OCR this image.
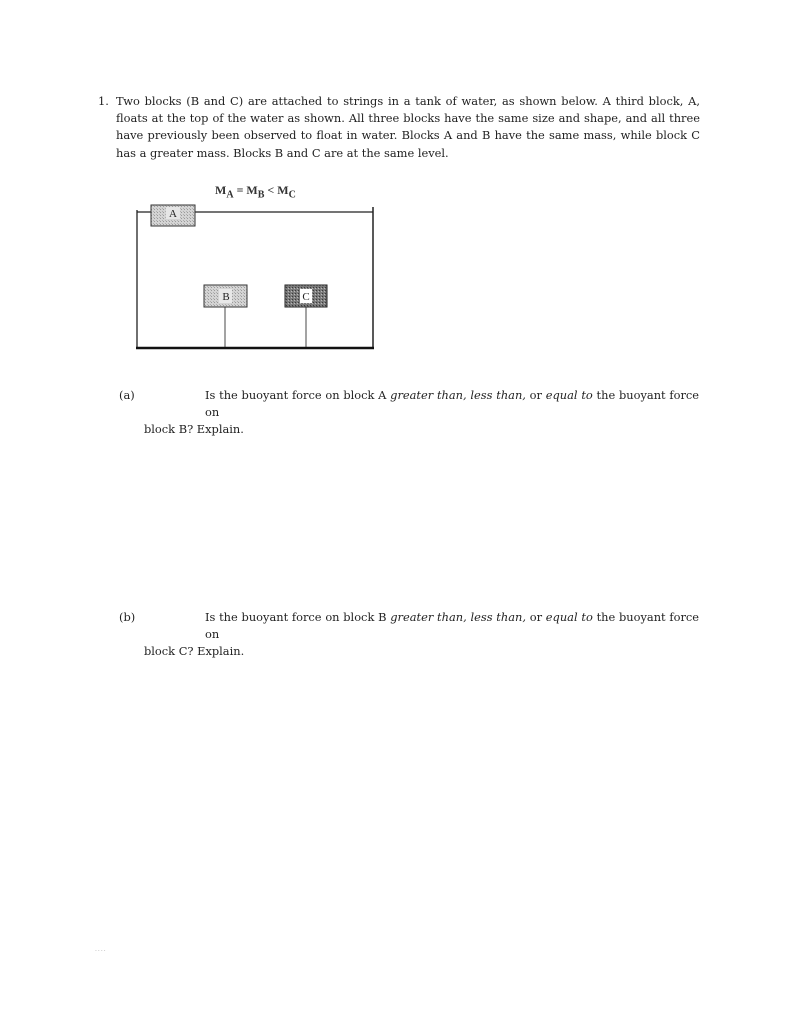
1. Two blocks (B and C) are attached to strings in a tank of water, as shown below. A third block, A, floats at the top of the water as shown. All three blocks have the same size and shape, and all three have previously been observed to float in water. Blocks A and B have the same mass, while block C has a greater mass. Blocks B and C are at the same level.
$M_A = M_B < M_C$
A
B	C
(a)	Is the buoyant force on block A greater than, less than, or equal to the buoyant force on
block B? Explain.
(b)	Is the buoyant force on block B greater than, less than, or equal to the buoyant force on
block C? Explain.
....
